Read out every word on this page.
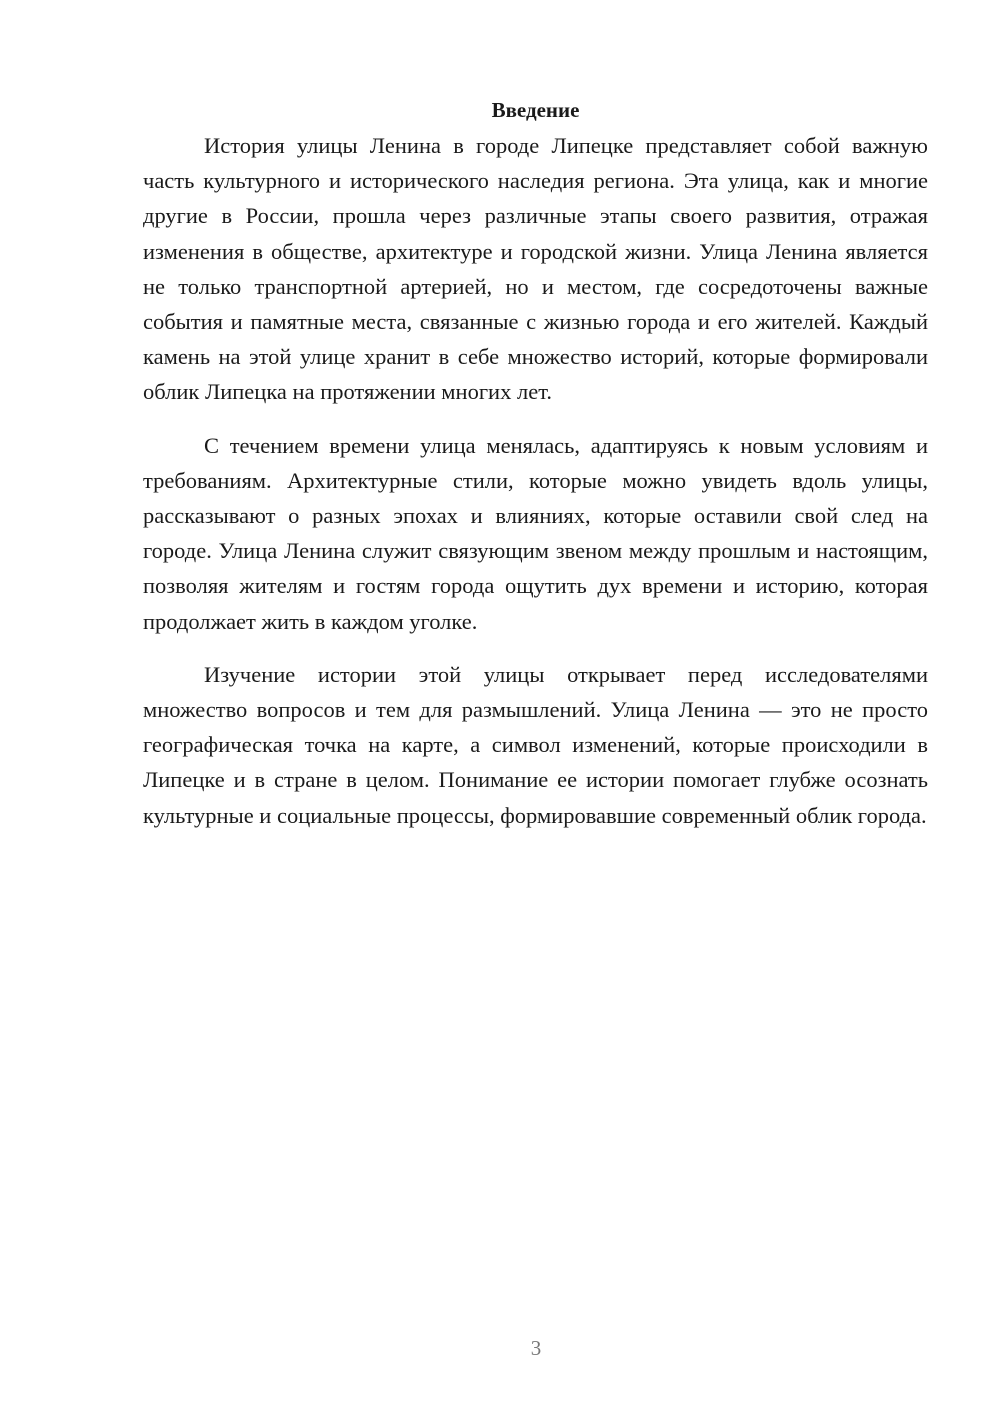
Введение

История улицы Ленина в городе Липецке представляет собой важную часть культурного и исторического наследия региона. Эта улица, как и многие другие в России, прошла через различные этапы своего развития, отражая изменения в обществе, архитектуре и городской жизни. Улица Ленина является не только транспортной артерией, но и местом, где сосредоточены важные события и памятные места, связанные с жизнью города и его жителей. Каждый камень на этой улице хранит в себе множество историй, которые формировали облик Липецка на протяжении многих лет.

С течением времени улица менялась, адаптируясь к новым условиям и требованиям. Архитектурные стили, которые можно увидеть вдоль улицы, рассказывают о разных эпохах и влияниях, которые оставили свой след на городе. Улица Ленина служит связующим звеном между прошлым и настоящим, позволяя жителям и гостям города ощутить дух времени и историю, которая продолжает жить в каждом уголке.

Изучение истории этой улицы открывает перед исследователями множество вопросов и тем для размышлений. Улица Ленина — это не просто географическая точка на карте, а символ изменений, которые происходили в Липецке и в стране в целом. Понимание ее истории помогает глубже осознать культурные и социальные процессы, формировавшие современный облик города.

3
